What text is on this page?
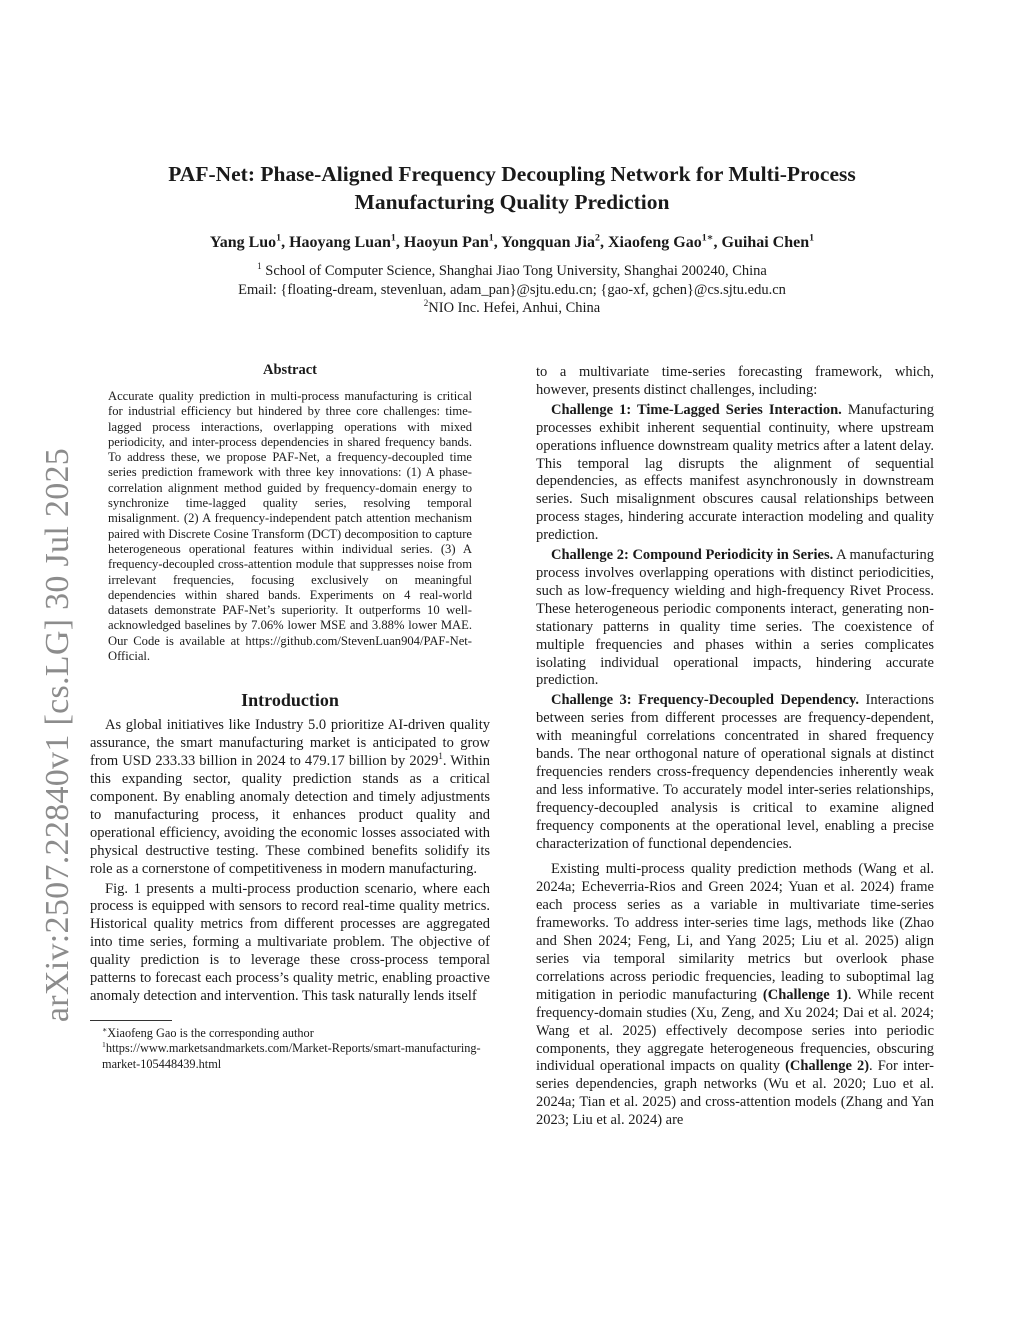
arXiv:2507.22840v1 [cs.LG] 30 Jul 2025
PAF-Net: Phase-Aligned Frequency Decoupling Network for Multi-Process
Manufacturing Quality Prediction
Yang Luo$^1$, Haoyang Luan$^1$, Haoyun Pan$^1$, Yongquan Jia$^2$, Xiaofeng Gao$^{1∗}$, Guihai Chen$^1$
$^1$ School of Computer Science, Shanghai Jiao Tong University, Shanghai 200240, China
Email: {floating-dream, stevenluan, adam_pan}@sjtu.edu.cn; {gao-xf, gchen}@cs.sjtu.edu.cn
$^2$NIO Inc. Hefei, Anhui, China
Abstract
Accurate quality prediction in multi-process manufacturing is critical for industrial efficiency but hindered by three core challenges: time-lagged process interactions, overlapping operations with mixed periodicity, and inter-process dependencies in shared frequency bands. To address these, we propose PAF-Net, a frequency-decoupled time series prediction framework with three key innovations: (1) A phase-correlation alignment method guided by frequency-domain energy to synchronize time-lagged quality series, resolving temporal misalignment. (2) A frequency-independent patch attention mechanism paired with Discrete Cosine Transform (DCT) decomposition to capture heterogeneous operational features within individual series. (3) A frequency-decoupled cross-attention module that suppresses noise from irrelevant frequencies, focusing exclusively on meaningful dependencies within shared bands. Experiments on 4 real-world datasets demonstrate PAF-Net’s superiority. It outperforms 10 well-acknowledged baselines by 7.06% lower MSE and 3.88% lower MAE. Our Code is available at https://github.com/StevenLuan904/PAF-Net-Official.
Introduction

As global initiatives like Industry 5.0 prioritize AI-driven quality assurance, the smart manufacturing market is anticipated to grow from USD 233.33 billion in 2024 to 479.17 billion by 2029$^1$. Within this expanding sector, quality prediction stands as a critical component. By enabling anomaly detection and timely adjustments to manufacturing process, it enhances product quality and operational efficiency, avoiding the economic losses associated with physical destructive testing. These combined benefits solidify its role as a cornerstone of competitiveness in modern manufacturing.

Fig. 1 presents a multi-process production scenario, where each process is equipped with sensors to record real-time quality metrics. Historical quality metrics from different processes are aggregated into time series, forming a multivariate problem. The objective of quality prediction is to leverage these cross-process temporal patterns to forecast each process’s quality metric, enabling proactive anomaly detection and intervention. This task naturally lends itself

∗Xiaofeng Gao is the corresponding author
$^1$https://www.marketsandmarkets.com/Market-Reports/smart-manufacturing-market-105448439.html

to a multivariate time-series forecasting framework, which, however, presents distinct challenges, including:

Challenge 1: Time-Lagged Series Interaction. Manufacturing processes exhibit inherent sequential continuity, where upstream operations influence downstream quality metrics after a latent delay. This temporal lag disrupts the alignment of sequential dependencies, as effects manifest asynchronously in downstream series. Such misalignment obscures causal relationships between process stages, hindering accurate interaction modeling and quality prediction.

Challenge 2: Compound Periodicity in Series. A manufacturing process involves overlapping operations with distinct periodicities, such as low-frequency wielding and high-frequency Rivet Process. These heterogeneous periodic components interact, generating non-stationary patterns in quality time series. The coexistence of multiple frequencies and phases within a series complicates isolating individual operational impacts, hindering accurate prediction.

Challenge 3: Frequency-Decoupled Dependency. Interactions between series from different processes are frequency-dependent, with meaningful correlations concentrated in shared frequency bands. The near orthogonal nature of operational signals at distinct frequencies renders cross-frequency dependencies inherently weak and less informative. To accurately model inter-series relationships, frequency-decoupled analysis is critical to examine aligned frequency components at the operational level, enabling a precise characterization of functional dependencies.

Existing multi-process quality prediction methods (Wang et al. 2024a; Echeverria-Rios and Green 2024; Yuan et al. 2024) frame each process series as a variable in multivariate time-series frameworks. To address inter-series time lags, methods like (Zhao and Shen 2024; Feng, Li, and Yang 2025; Liu et al. 2025) align series via temporal similarity metrics but overlook phase correlations across periodic frequencies, leading to suboptimal lag mitigation in periodic manufacturing (Challenge 1). While recent frequency-domain studies (Xu, Zeng, and Xu 2024; Dai et al. 2024; Wang et al. 2025) effectively decompose series into periodic components, they aggregate heterogeneous frequencies, obscuring individual operational impacts on quality (Challenge 2). For inter-series dependencies, graph networks (Wu et al. 2020; Luo et al. 2024a; Tian et al. 2025) and cross-attention models (Zhang and Yan 2023; Liu et al. 2024) are
